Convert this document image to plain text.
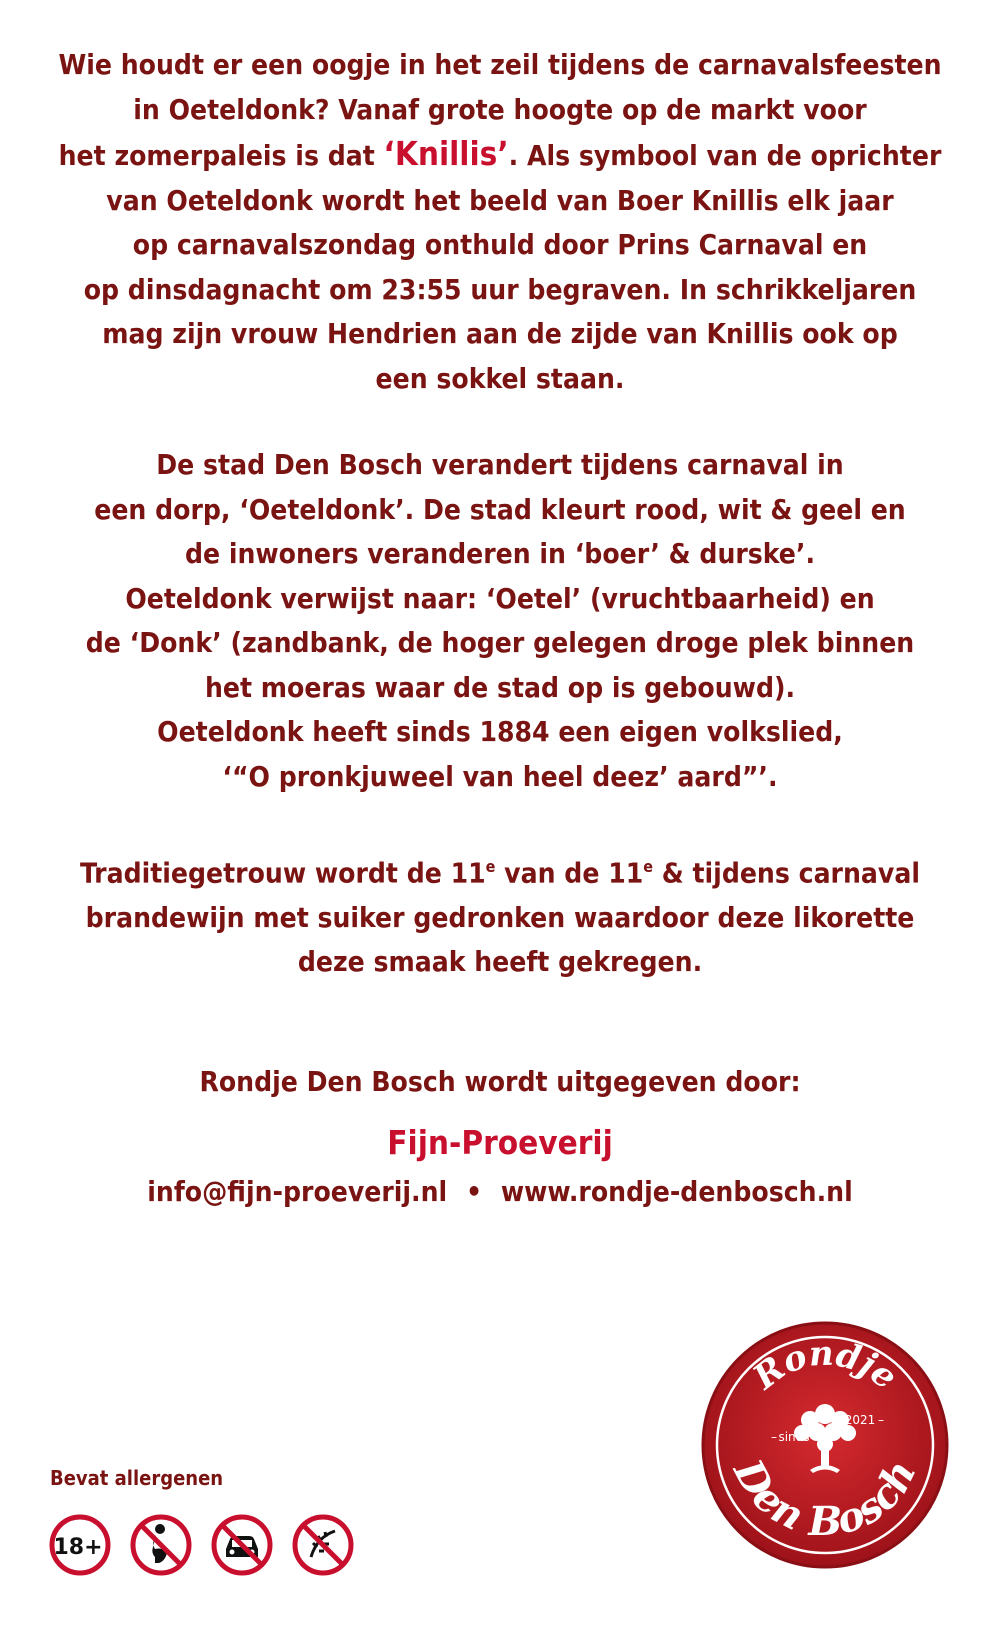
Wie houdt er een oogje in het zeil tijdens de carnavalsfeesten
in Oeteldonk? Vanaf grote hoogte op de markt voor
het zomerpaleis is dat ‘Knillis’. Als symbool van de oprichter
van Oeteldonk wordt het beeld van Boer Knillis elk jaar
op carnavalszondag onthuld door Prins Carnaval en
op dinsdagnacht om 23:55 uur begraven. In schrikkeljaren
mag zijn vrouw Hendrien aan de zijde van Knillis ook op
een sokkel staan.
De stad Den Bosch verandert tijdens carnaval in
een dorp, ‘Oeteldonk’. De stad kleurt rood, wit & geel en
de inwoners veranderen in ‘boer’ & durske’.
Oeteldonk verwijst naar: ‘Oetel’ (vruchtbaarheid) en
de ‘Donk’ (zandbank, de hoger gelegen droge plek binnen
het moeras waar de stad op is gebouwd).
Oeteldonk heeft sinds 1884 een eigen volkslied,
‘“O pronkjuweel van heel deez’ aard”’.
Traditiegetrouw wordt de 11e van de 11e & tijdens carnaval
brandewijn met suiker gedronken waardoor deze likorette
deze smaak heeft gekregen.
Rondje Den Bosch wordt uitgegeven door:
Fijn-Proeverij
info@fijn-proeverij.nl • www.rondje-denbosch.nl
Bevat allergenen
18+
Rondje
Den Bosch
– sinds
2021 –
